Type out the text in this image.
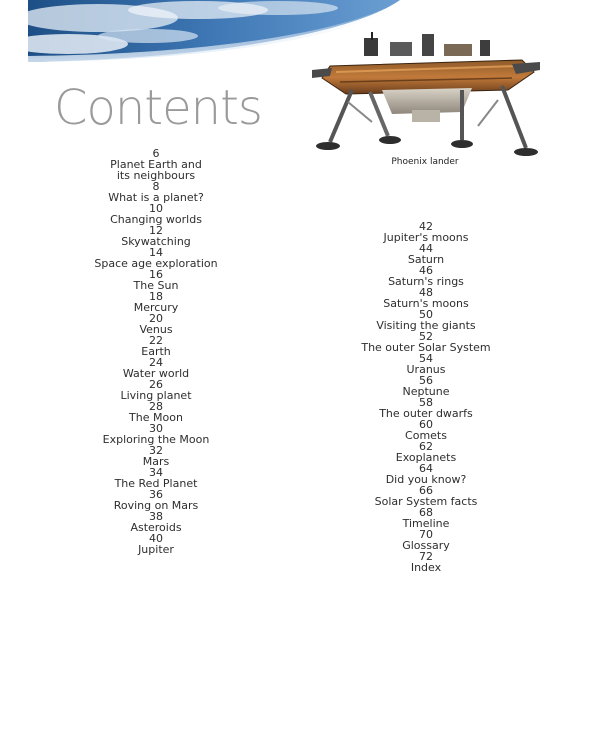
Phoenix lander
Contents
6
Planet Earth and
its neighbours
8
What is a planet?
10
Changing worlds
12
Skywatching
14
Space age exploration
16
The Sun
18
Mercury
20
Venus
22
Earth
24
Water world
26
Living planet
28
The Moon
30
Exploring the Moon
32
Mars
34
The Red Planet
36
Roving on Mars
38
Asteroids
40
Jupiter
42
Jupiter's moons
44
Saturn
46
Saturn's rings
48
Saturn's moons
50
Visiting the giants
52
The outer Solar System
54
Uranus
56
Neptune
58
The outer dwarfs
60
Comets
62
Exoplanets
64
Did you know?
66
Solar System facts
68
Timeline
70
Glossary
72
Index
